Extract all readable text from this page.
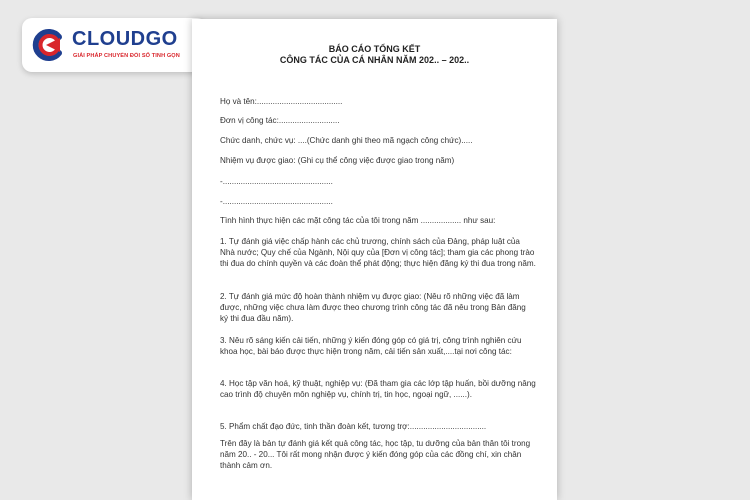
CLOUDGO
GIẢI PHÁP CHUYỂN ĐỔI SỐ TINH GỌN
BÁO CÁO TỔNG KẾT
CÔNG TÁC CỦA CÁ NHÂN NĂM 202.. – 202..
Họ và tên:......................................
Đơn vị công tác:...........................
Chức danh, chức vụ: ....(Chức danh ghi theo mã ngạch công chức).....
Nhiệm vụ được giao: (Ghi cụ thể công việc được giao trong năm)
-.................................................
-.................................................
Tình hình thực hiện các mặt công tác của tôi trong năm .................. như sau:
1. Tự đánh giá việc chấp hành các chủ trương, chính sách của Đảng, pháp luật của Nhà nước; Quy chế của Ngành, Nội quy của [Đơn vị công tác]; tham gia các phong trào thi đua do chính quyền và các đoàn thể phát động; thực hiện đăng ký thi đua trong năm.
2. Tự đánh giá mức độ hoàn thành nhiệm vụ được giao: (Nêu rõ những việc đã làm được, những việc chưa làm được theo chương trình công tác đã nêu trong Bản đăng ký thi đua đầu năm).
3. Nêu rõ sáng kiến cải tiến, những ý kiến đóng góp có giá trị, công trình nghiên cứu khoa học, bài báo được thực hiện trong năm, cải tiến sản xuất,....tại nơi công tác:
4. Học tập văn hoá, kỹ thuật, nghiệp vụ: (Đã tham gia các lớp tập huấn, bồi dưỡng nâng cao trình độ chuyên môn nghiệp vụ, chính trị, tin học, ngoại ngữ, ......).
5. Phẩm chất đạo đức, tinh thần đoàn kết, tương trợ:..................................
Trên đây là bản tự đánh giá kết quả công tác, học tập, tu dưỡng của bản thân tôi trong năm 20.. - 20... Tôi rất mong nhận được ý kiến đóng góp của các đồng chí, xin chân thành cảm ơn.
